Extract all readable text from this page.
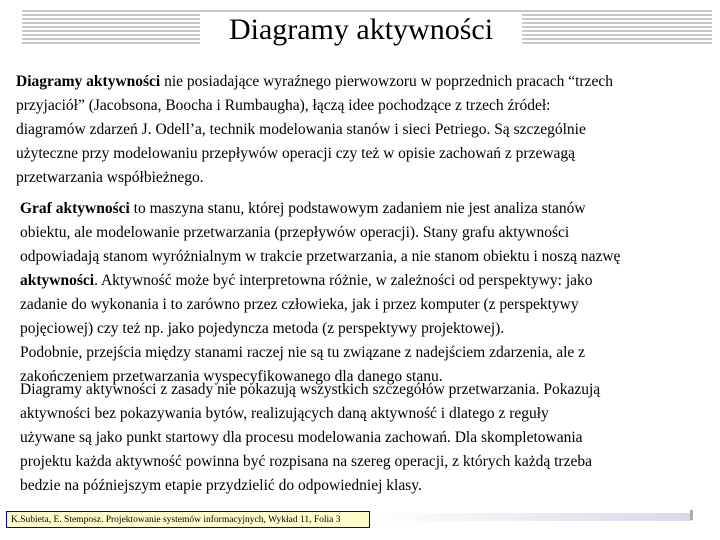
Diagramy aktywności
Diagramy aktywności nie posiadające wyraźnego pierwowzoru w poprzednich pracach “trzech
przyjaciół” (Jacobsona, Boocha i Rumbaugha), łączą idee pochodzące z trzech źródeł:
diagramów zdarzeń J. Odell’a, technik modelowania stanów i sieci Petriego. Są szczególnie
użyteczne przy modelowaniu przepływów operacji czy też w opisie zachowań z przewagą
przetwarzania współbieżnego.
Graf aktywności to maszyna stanu, której podstawowym zadaniem nie jest analiza stanów
obiektu, ale modelowanie przetwarzania (przepływów operacji). Stany grafu aktywności
odpowiadają stanom wyróżnialnym w trakcie przetwarzania, a nie stanom obiektu i noszą nazwę
aktywności. Aktywność może być interpretowna różnie, w zależności od perspektywy: jako
zadanie do wykonania i to zarówno przez człowieka, jak i przez komputer (z perspektywy
pojęciowej) czy też np. jako pojedyncza metoda (z perspektywy projektowej).
Podobnie, przejścia między stanami raczej nie są tu związane z nadejściem zdarzenia, ale z
zakończeniem przetwarzania wyspecyfikowanego dla danego stanu.
Diagramy aktywności z zasady nie pokazują wszystkich szczegółów przetwarzania. Pokazują
aktywności bez pokazywania bytów, realizujących daną aktywność i dlatego z reguły
używane są jako punkt startowy dla procesu modelowania zachowań. Dla skompletowania
projektu każda aktywność powinna być rozpisana na szereg operacji, z których każdą trzeba
bedzie na późniejszym etapie przydzielić do odpowiedniej klasy.
K.Subieta, E. Stemposz. Projektowanie systemów informacyjnych, Wykład 11, Folia 3
